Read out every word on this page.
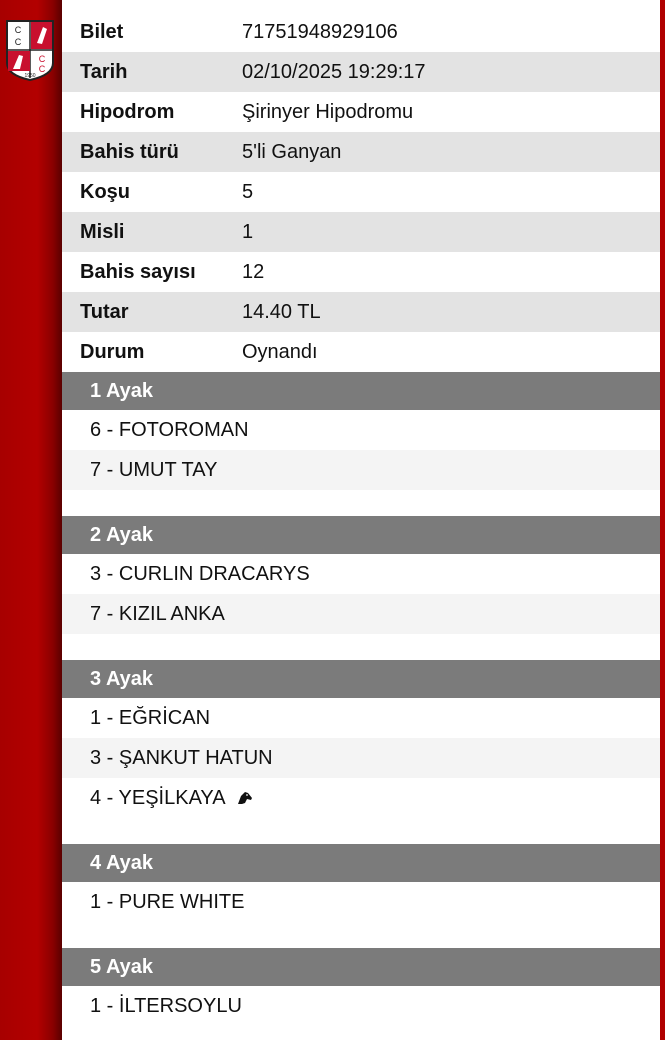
C
C
C
C
1950
Bilet	71751948929106
Tarih	02/10/2025 19:29:17
Hipodrom	Şirinyer Hipodromu
Bahis türü	5'li Ganyan
Koşu	5
Misli	1
Bahis sayısı	12
Tutar	14.40 TL
Durum	Oynandı
1 Ayak
6 - FOTOROMAN
7 - UMUT TAY
2 Ayak
3 - CURLIN DRACARYS
7 - KIZIL ANKA
3 Ayak
1 - EĞRİCAN
3 - ŞANKUT HATUN
4 - YEŞİLKAYA
4 Ayak
1 - PURE WHITE
5 Ayak
1 - İLTERSOYLU
